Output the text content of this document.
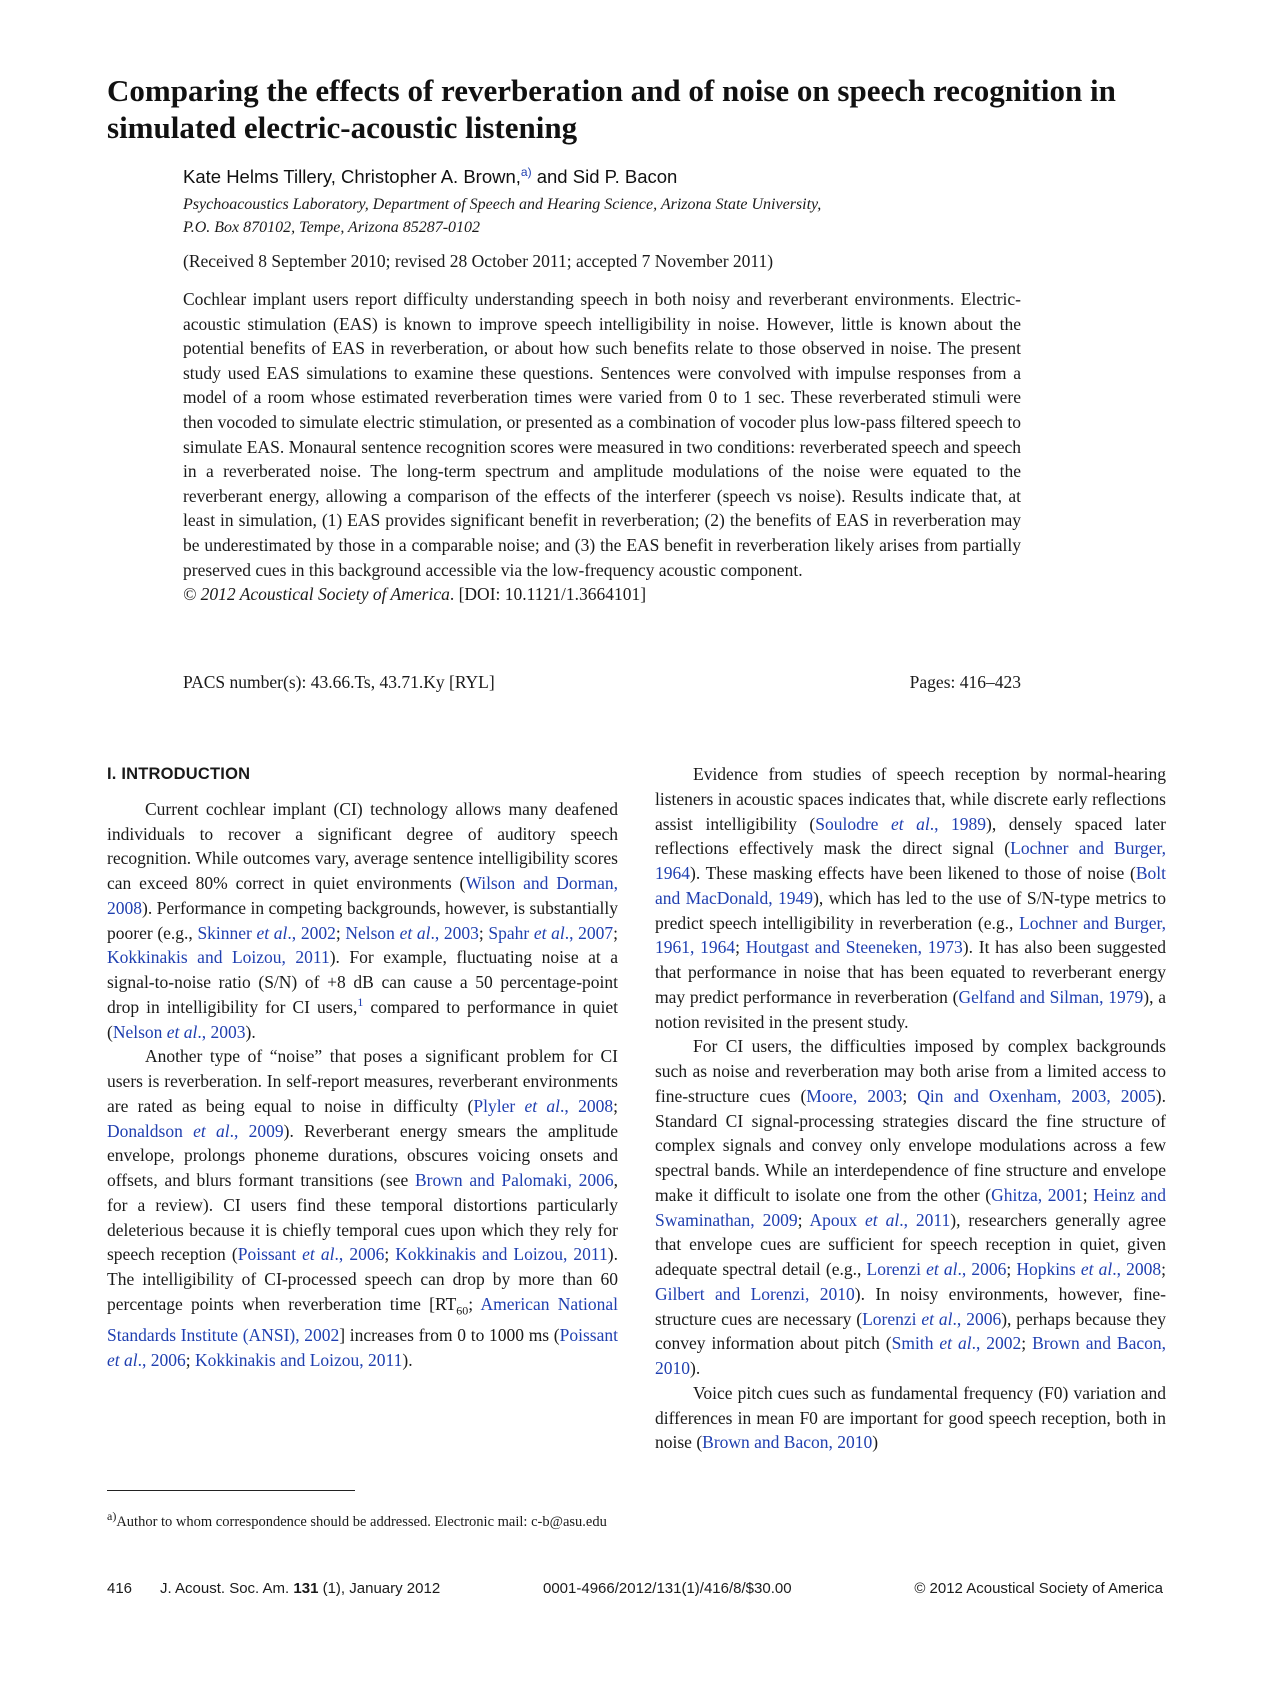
Comparing the effects of reverberation and of noise on speech recognition in simulated electric-acoustic listening
Kate Helms Tillery, Christopher A. Brown,$^{a)}$ and Sid P. Bacon
Psychoacoustics Laboratory, Department of Speech and Hearing Science, Arizona State University,
P.O. Box 870102, Tempe, Arizona 85287-0102
(Received 8 September 2010; revised 28 October 2011; accepted 7 November 2011)

Cochlear implant users report difficulty understanding speech in both noisy and reverberant environments. Electric-acoustic stimulation (EAS) is known to improve speech intelligibility in noise. However, little is known about the potential benefits of EAS in reverberation, or about how such benefits relate to those observed in noise. The present study used EAS simulations to examine these questions. Sentences were convolved with impulse responses from a model of a room whose estimated reverberation times were varied from 0 to 1 sec. These reverberated stimuli were then vocoded to simulate electric stimulation, or presented as a combination of vocoder plus low-pass filtered speech to simulate EAS. Monaural sentence recognition scores were measured in two conditions: reverberated speech and speech in a reverberated noise. The long-term spectrum and amplitude modulations of the noise were equated to the reverberant energy, allowing a comparison of the effects of the interferer (speech vs noise). Results indicate that, at least in simulation, (1) EAS provides significant benefit in reverberation; (2) the benefits of EAS in reverberation may be underestimated by those in a comparable noise; and (3) the EAS benefit in reverberation likely arises from partially preserved cues in this background accessible via the low-frequency acoustic component.
© 2012 Acoustical Society of America. [DOI: 10.1121/1.3664101]

PACS number(s): 43.66.Ts, 43.71.Ky [RYL]	Pages: 416–423
I. INTRODUCTION

Current cochlear implant (CI) technology allows many deafened individuals to recover a significant degree of auditory speech recognition. While outcomes vary, average sentence intelligibility scores can exceed 80% correct in quiet environments (Wilson and Dorman, 2008). Performance in competing backgrounds, however, is substantially poorer (e.g., Skinner et al., 2002; Nelson et al., 2003; Spahr et al., 2007; Kokkinakis and Loizou, 2011). For example, fluctuating noise at a signal-to-noise ratio (S/N) of +8 dB can cause a 50 percentage-point drop in intelligibility for CI users,$^1$ compared to performance in quiet (Nelson et al., 2003).

Another type of “noise” that poses a significant problem for CI users is reverberation. In self-report measures, reverberant environments are rated as being equal to noise in difficulty (Plyler et al., 2008; Donaldson et al., 2009). Reverberant energy smears the amplitude envelope, prolongs phoneme durations, obscures voicing onsets and offsets, and blurs formant transitions (see Brown and Palomaki, 2006, for a review). CI users find these temporal distortions particularly deleterious because it is chiefly temporal cues upon which they rely for speech reception (Poissant et al., 2006; Kokkinakis and Loizou, 2011). The intelligibility of CI-processed speech can drop by more than 60 percentage points when reverberation time [$RT_{60}$; American National Standards Institute (ANSI), 2002] increases from 0 to 1000 ms (Poissant et al., 2006; Kokkinakis and Loizou, 2011).

Evidence from studies of speech reception by normal-hearing listeners in acoustic spaces indicates that, while discrete early reflections assist intelligibility (Soulodre et al., 1989), densely spaced later reflections effectively mask the direct signal (Lochner and Burger, 1964). These masking effects have been likened to those of noise (Bolt and MacDonald, 1949), which has led to the use of S/N-type metrics to predict speech intelligibility in reverberation (e.g., Lochner and Burger, 1961, 1964; Houtgast and Steeneken, 1973). It has also been suggested that performance in noise that has been equated to reverberant energy may predict performance in reverberation (Gelfand and Silman, 1979), a notion revisited in the present study.

For CI users, the difficulties imposed by complex backgrounds such as noise and reverberation may both arise from a limited access to fine-structure cues (Moore, 2003; Qin and Oxenham, 2003, 2005). Standard CI signal-processing strategies discard the fine structure of complex signals and convey only envelope modulations across a few spectral bands. While an interdependence of fine structure and envelope make it difficult to isolate one from the other (Ghitza, 2001; Heinz and Swaminathan, 2009; Apoux et al., 2011), researchers generally agree that envelope cues are sufficient for speech reception in quiet, given adequate spectral detail (e.g., Lorenzi et al., 2006; Hopkins et al., 2008; Gilbert and Lorenzi, 2010). In noisy environments, however, fine-structure cues are necessary (Lorenzi et al., 2006), perhaps because they convey information about pitch (Smith et al., 2002; Brown and Bacon, 2010).

Voice pitch cues such as fundamental frequency (F0) variation and differences in mean F0 are important for good speech reception, both in noise (Brown and Bacon, 2010)

$^{a)}$Author to whom correspondence should be addressed. Electronic mail: c-b@asu.edu
416 J. Acoust. Soc. Am. 131 (1), January 2012	0001-4966/2012/131(1)/416/8/$30.00	© 2012 Acoustical Society of America
